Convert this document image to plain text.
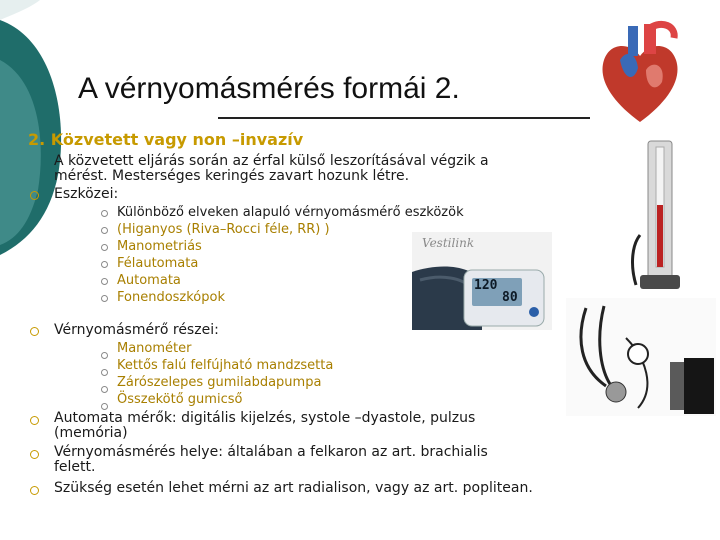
A vérnyomásmérés formái 2.
2. Közvetett vagy non –invazív
A közvetett eljárás során az érfal külső leszorításával végzik a
mérést. Mesterséges keringés zavart hozunk létre.
Eszközei:
Különböző elveken alapuló vérnyomásmérő eszközök
(Higanyos (Riva–Rocci féle, RR) )
Manometriás
Félautomata
Automata
Fonendoszkópok
Vestilink
120
80
Vérnyomásmérő részei:
Manométer
Kettős falú felfújható mandzsetta
Zárószelepes gumilabdapumpa
Összekötő gumicső
Automata mérők: digitális kijelzés, systole –dyastole, pulzus
(memória)
Vérnyomásmérés helye: általában a felkaron az art. brachialis
felett.
Szükség esetén lehet mérni az art radialison, vagy az art. poplitean.
